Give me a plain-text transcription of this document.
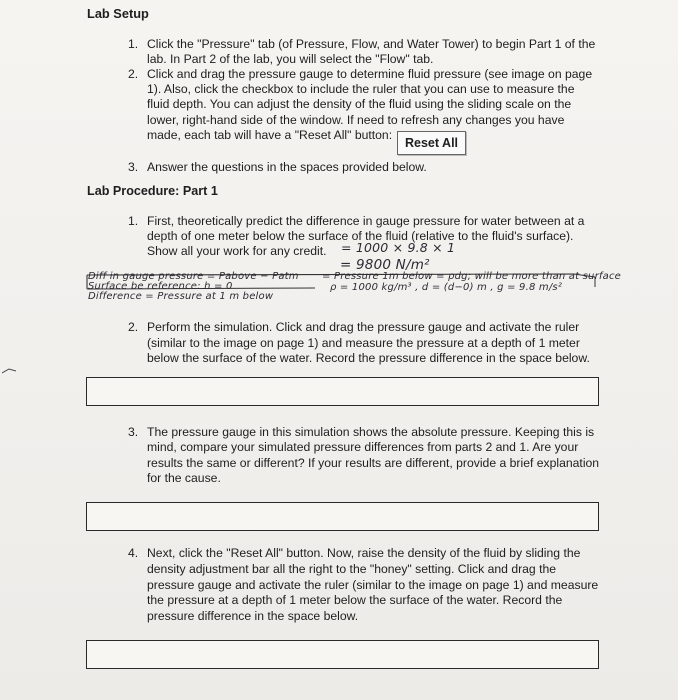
Lab Setup
1. Click the "Pressure" tab (of Pressure, Flow, and Water Tower) to begin Part 1 of the
lab. In Part 2 of the lab, you will select the "Flow" tab.
2. Click and drag the pressure gauge to determine fluid pressure (see image on page
1). Also, click the checkbox to include the ruler that you can use to measure the
fluid depth. You can adjust the density of the fluid using the sliding scale on the
lower, right-hand side of the window. If need to refresh any changes you have
made, each tab will have a "Reset All" button:
Reset All
3. Answer the questions in the spaces provided below.
Lab Procedure: Part 1
1. First, theoretically predict the difference in gauge pressure for water between at a
depth of one meter below the surface of the fluid (relative to the fluid's surface).
Show all your work for any credit. = 1000 × 9.8 × 1
= 9800 N/m²
Diff in gauge pressure = Pabove − Patm = Pressure 1m below = ρdg; will be more than at surface
Surface be reference: h = 0	ρ = 1000 kg/m³ , d = (d−0) m , g = 9.8 m/s²
Difference = Pressure at 1 m below
2. Perform the simulation. Click and drag the pressure gauge and activate the ruler
(similar to the image on page 1) and measure the pressure at a depth of 1 meter
below the surface of the water. Record the pressure difference in the space below.
3. The pressure gauge in this simulation shows the absolute pressure. Keeping this is
mind, compare your simulated pressure differences from parts 2 and 1. Are your
results the same or different? If your results are different, provide a brief explanation
for the cause.
4. Next, click the "Reset All" button. Now, raise the density of the fluid by sliding the
density adjustment bar all the right to the "honey" setting. Click and drag the
pressure gauge and activate the ruler (similar to the image on page 1) and measure
the pressure at a depth of 1 meter below the surface of the water. Record the
pressure difference in the space below.
